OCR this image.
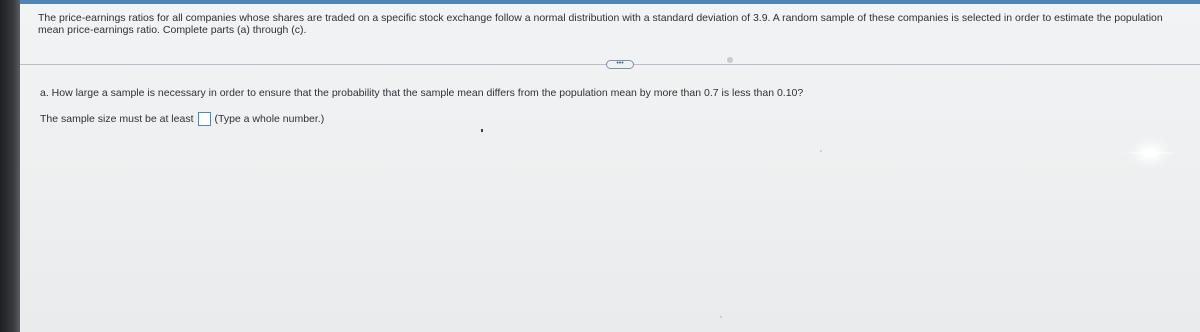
The price-earnings ratios for all companies whose shares are traded on a specific stock exchange follow a normal distribution with a standard deviation of 3.9. A random sample of these companies is selected in order to estimate the population mean price-earnings ratio. Complete parts (a) through (c).
•••
a. How large a sample is necessary in order to ensure that the probability that the sample mean differs from the population mean by more than 0.7 is less than 0.10?
The sample size must be at least (Type a whole number.)
